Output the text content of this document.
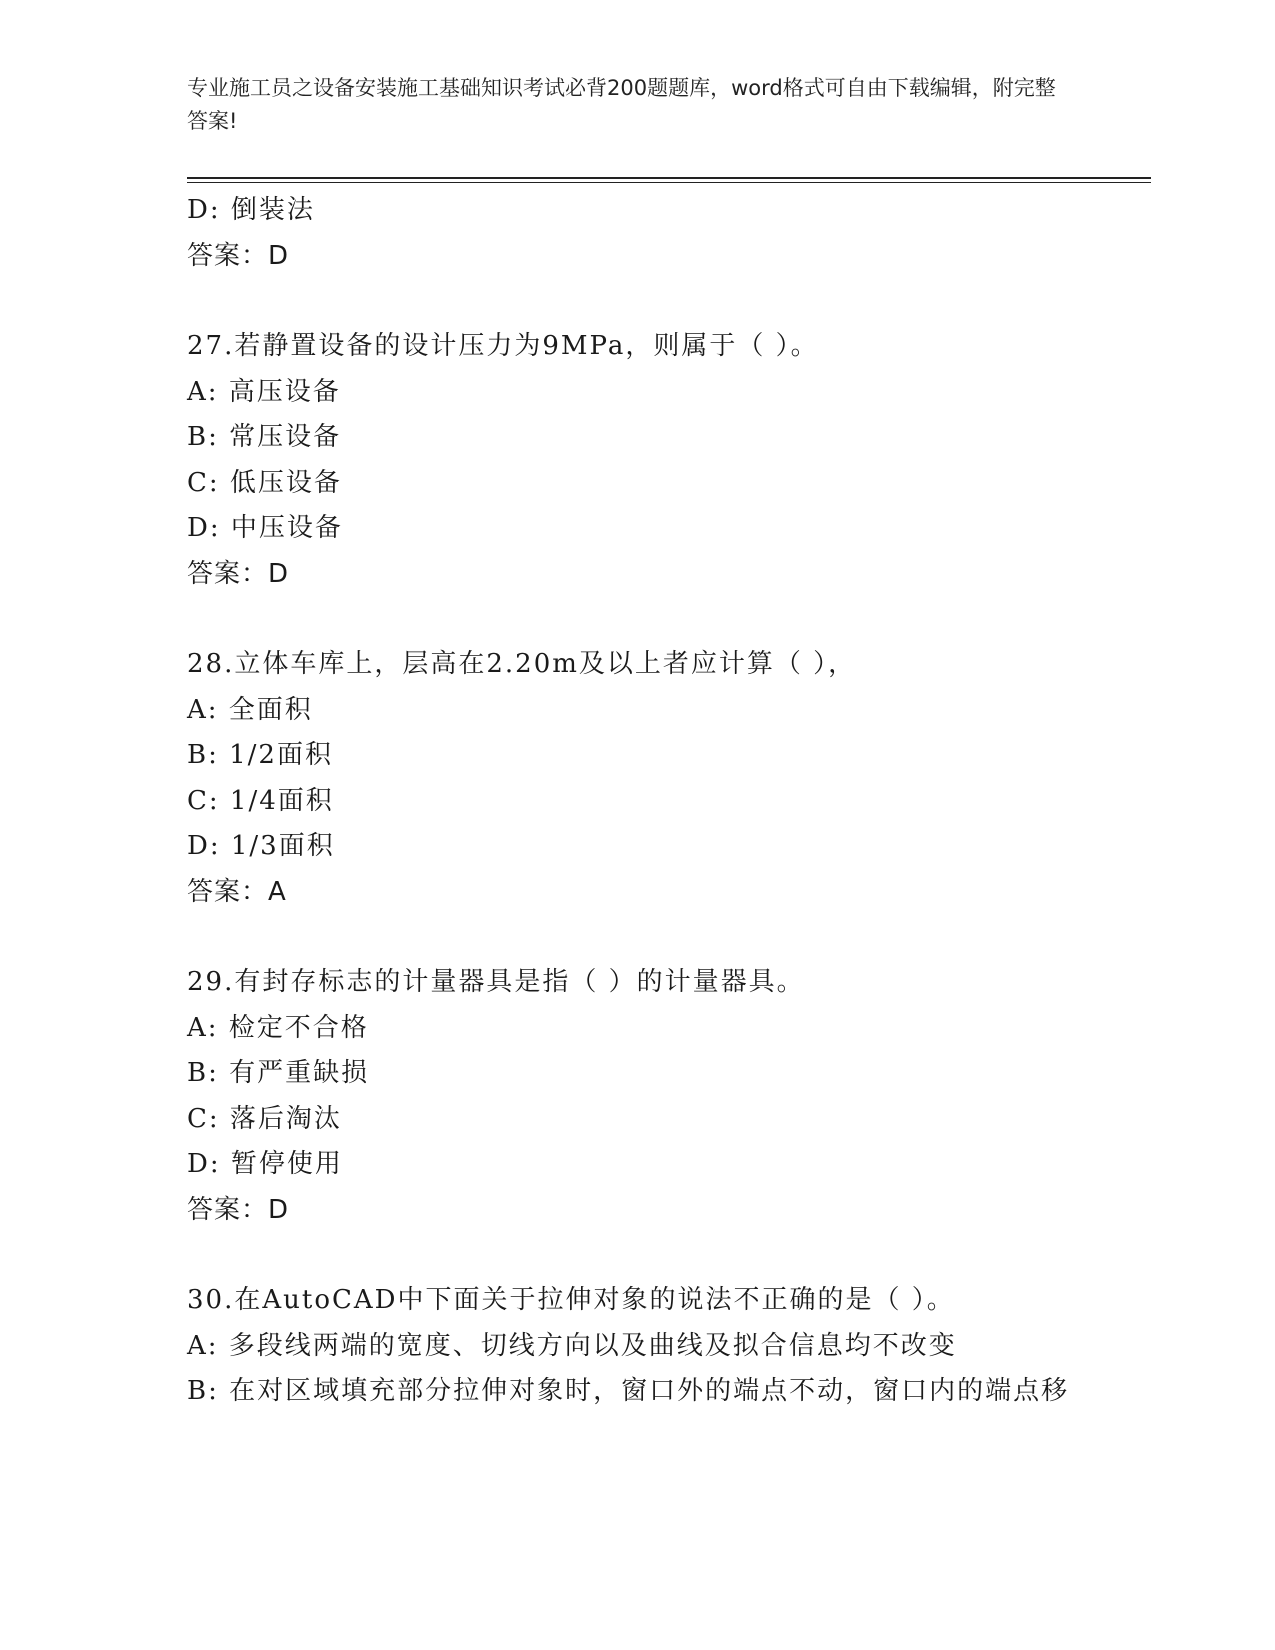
专业施工员之设备安装施工基础知识考试必背200题题库，word格式可自由下载编辑，附完整答案!
D: 倒装法
答案：D
27.若静置设备的设计压力为9MPa，则属于（ ）。
A: 高压设备
B: 常压设备
C: 低压设备
D: 中压设备
答案：D
28.立体车库上，层高在2.20m及以上者应计算（ ），
A: 全面积
B: 1/2面积
C: 1/4面积
D: 1/3面积
答案：A
29.有封存标志的计量器具是指（ ）的计量器具。
A: 检定不合格
B: 有严重缺损
C: 落后淘汰
D: 暂停使用
答案：D
30.在AutoCAD中下面关于拉伸对象的说法不正确的是（ ）。
A: 多段线两端的宽度、切线方向以及曲线及拟合信息均不改变
B: 在对区域填充部分拉伸对象时，窗口外的端点不动，窗口内的端点移
